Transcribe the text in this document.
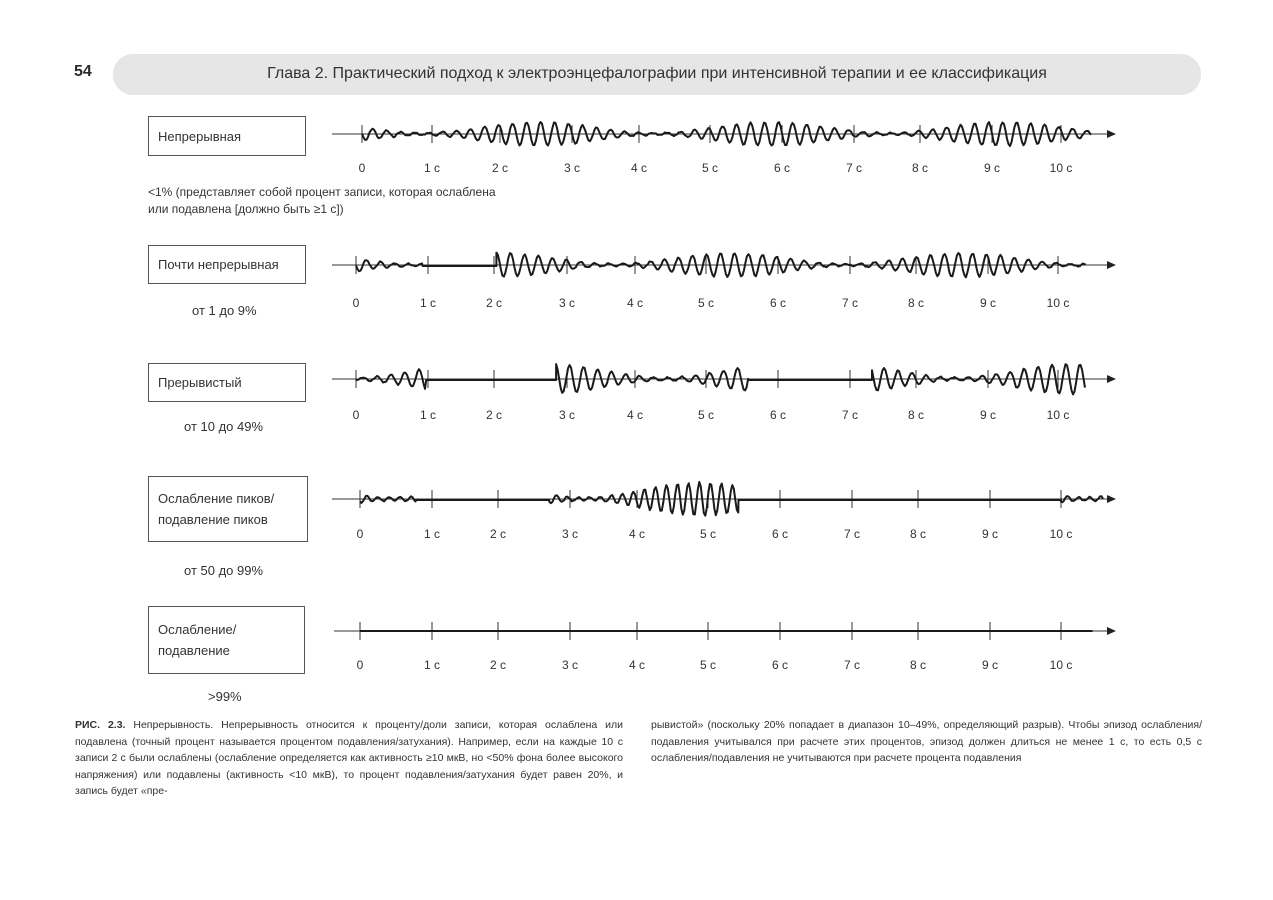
54	Глава 2. Практический подход к электроэнцефалографии при интенсивной терапии и ее классификация
Непрерывная
<1% (представляет собой процент записи, которая ослаблена или подавлена [должно быть ≥1 с])
Почти непрерывная
от 1 до 9%
Прерывистый
от 10 до 49%
Ослабление пиков/ подавление пиков
от 50 до 99%
Ослабление/ подавление
>99%
0	1 с	2 с	3 с	4 с	5 с	6 с	7 с	8 с	9 с	10 с
0	1 с	2 с	3 с	4 с	5 с	6 с	7 с	8 с	9 с	10 с
0	1 с	2 с	3 с	4 с	5 с	6 с	7 с	8 с	9 с	10 с
0	1 с	2 с	3 с	4 с	5 с	6 с	7 с	8 с	9 с	10 с
0	1 с	2 с	3 с	4 с	5 с	6 с	7 с	8 с	9 с	10 с
РИС. 2.3. Непрерывность. Непрерывность относится к проценту/доли записи, которая ослаблена или подавлена (точный процент называется процентом подавления/затухания). Например, если на каждые 10 с записи 2 с были ослаблены (ослабление определяется как активность ≥10 мкВ, но <50% фона более высокого напряжения) или подавлены (активность <10 мкВ), то процент подавления/затухания будет равен 20%, и запись будет «пре-
рывистой» (поскольку 20% попадает в диапазон 10–49%, определяющий разрыв). Чтобы эпизод ослабления/подавления учитывался при расчете этих процентов, эпизод должен длиться не менее 1 с, то есть 0,5 с ослабления/подавления не учитываются при расчете процента подавления
